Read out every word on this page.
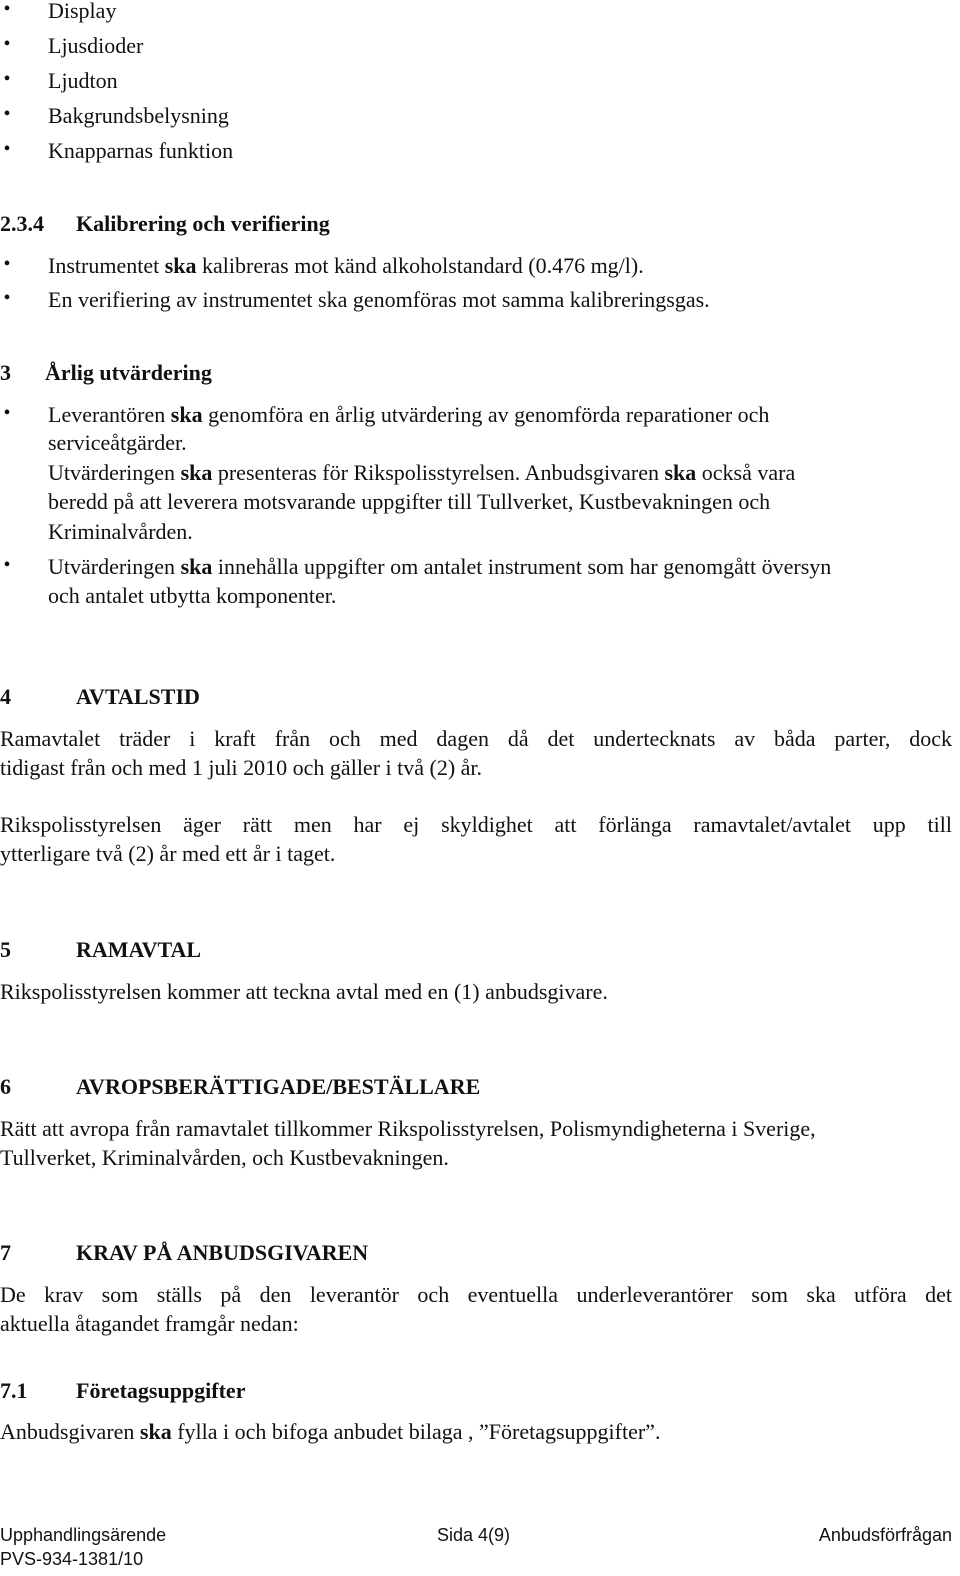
• Display
• Ljusdioder
• Ljudton
• Bakgrundsbelysning
• Knapparnas funktion
2.3.4 Kalibrering och verifiering
• Instrumentet ska kalibreras mot känd alkoholstandard (0.476 mg/l).

• En verifiering av instrumentet ska genomföras mot samma kalibreringsgas.

3 Årlig utvärdering
• Leverantören ska genomföra en årlig utvärdering av genomförda reparationer och

serviceåtgärder.

Utvärderingen ska presenteras för Rikspolisstyrelsen. Anbudsgivaren ska också vara

beredd på att leverera motsvarande uppgifter till Tullverket, Kustbevakningen och

Kriminalvården.

• Utvärderingen ska innehålla uppgifter om antalet instrument som har genomgått översyn

och antalet utbytta komponenter.

4	AVTALSTID

Ramavtalet träder i kraft från och med dagen då det undertecknats av båda parter, dock

tidigast från och med 1 juli 2010 och gäller i två (2) år.

Rikspolisstyrelsen äger rätt men har ej skyldighet att förlänga ramavtalet/avtalet upp till

ytterligare två (2) år med ett år i taget.

5	RAMAVTAL

Rikspolisstyrelsen kommer att teckna avtal med en (1) anbudsgivare.

6	AVROPSBERÄTTIGADE/BESTÄLLARE

Rätt att avropa från ramavtalet tillkommer Rikspolisstyrelsen, Polismyndigheterna i Sverige,

Tullverket, Kriminalvården, och Kustbevakningen.

7	KRAV PÅ ANBUDSGIVAREN

De krav som ställs på den leverantör och eventuella underleverantörer som ska utföra det

aktuella åtagandet framgår nedan:

7.1 Företagsuppgifter

Anbudsgivaren ska fylla i och bifoga anbudet bilaga , ”Företagsuppgifter”.

Upphandlingsärende	Sida 4(9)	Anbudsförfrågan
PVS-934-1381/10
